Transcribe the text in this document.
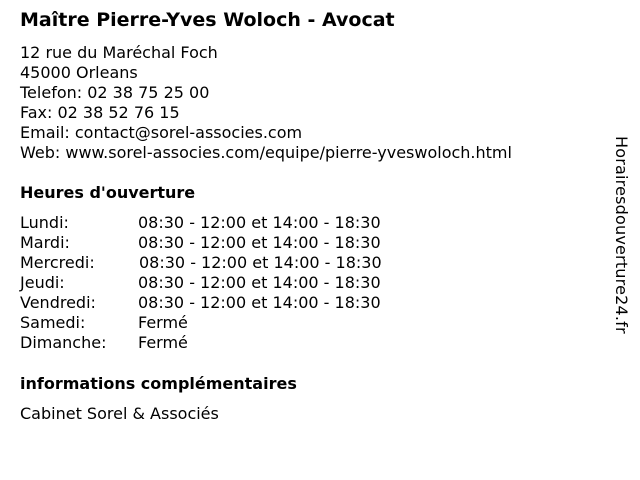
Maître Pierre-Yves Woloch - Avocat
12 rue du Maréchal Foch
45000 Orleans
Telefon: 02 38 75 25 00
Fax: 02 38 52 76 15
Email: contact@sorel-associes.com
Web: www.sorel-associes.com/equipe/pierre-yveswoloch.html
Heures d'ouverture
Lundi:	08:30 - 12:00 et 14:00 - 18:30
Mardi:	08:30 - 12:00 et 14:00 - 18:30
Mercredi:	08:30 - 12:00 et 14:00 - 18:30
Jeudi:	08:30 - 12:00 et 14:00 - 18:30
Vendredi:	08:30 - 12:00 et 14:00 - 18:30
Samedi:	Fermé
Dimanche: Fermé
informations complémentaires
Cabinet Sorel & Associés
Horairesdouverture24.fr
